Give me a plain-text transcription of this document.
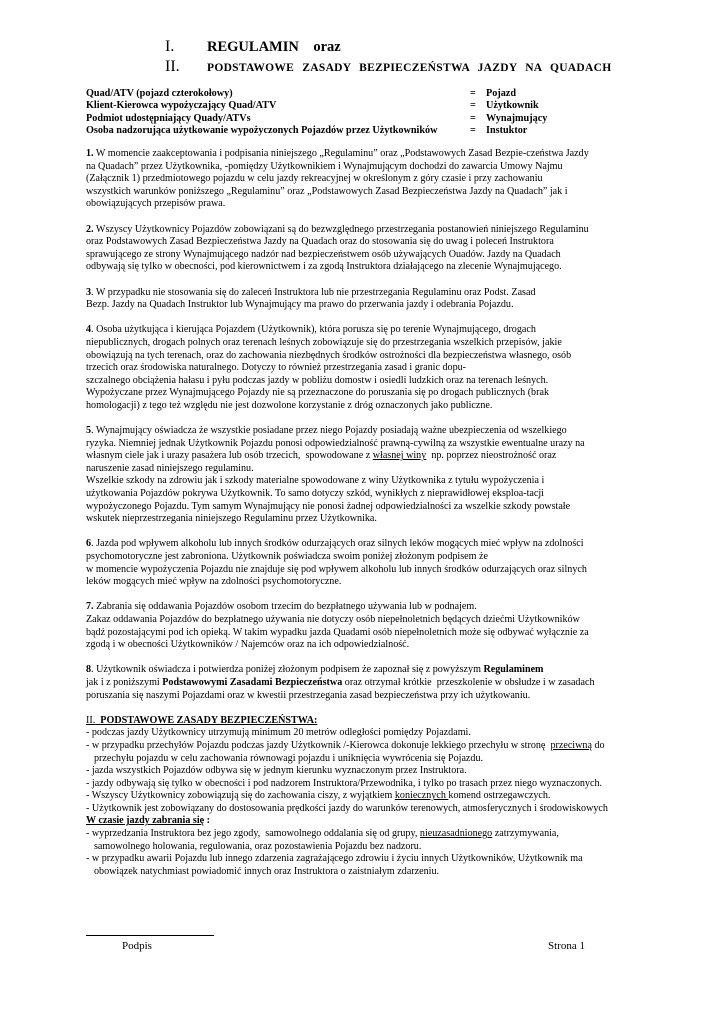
I.	REGULAMIN    oraz
II.	PODSTAWOWE ZASADY BEZPIECZEŃSTWA JAZDY NA QUADACH
Quad/ATV (pojazd czterokołowy)	= Pojazd
Klient-Kierowca wypożyczający Quad/ATV	= Użytkownik
Podmiot udostępniający Quady/ATVs	= Wynajmujący
Osoba nadzorująca użytkowanie wypożyczonych Pojazdów przez Użytkowników	= Instuktor
1. W momencie zaakceptowania i podpisania niniejszego „Regulaminu” oraz „Podstawowych Zasad Bezpie-czeństwa Jazdy
na Quadach” przez Użytkownika, -pomiędzy Użytkownikiem i Wynajmującym dochodzi do zawarcia Umowy Najmu
(Załącznik 1) przedmiotowego pojazdu w celu jazdy rekreacyjnej w określonym z góry czasie i przy zachowaniu
wszystkich warunków poniższego „Regulaminu” oraz „Podstawowych Zasad Bezpieczeństwa Jazdy na Quadach” jak i
obowiązujących przepisów prawa.
2. Wszyscy Użytkownicy Pojazdów zobowiązani są do bezwzględnego przestrzegania postanowień niniejszego Regulaminu
oraz Podstawowych Zasad Bezpieczeństwa Jazdy na Quadach oraz do stosowania się do uwag i poleceń Instruktora
sprawującego ze strony Wynajmującego nadzór nad bezpieczeństwem osób używających Ouadów. Jazdy na Quadach
odbywają się tylko w obecności, pod kierownictwem i za zgodą Instruktora działającego na zlecenie Wynajmującego.
3. W przypadku nie stosowania się do zaleceń Instruktora lub nie przestrzegania Regulaminu oraz Podst. Zasad
Bezp. Jazdy na Quadach Instruktor lub Wynajmujący ma prawo do przerwania jazdy i odebrania Pojazdu.
4. Osoba użytkująca i kierująca Pojazdem (Użytkownik), która porusza się po terenie Wynajmującego, drogach
niepublicznych, drogach polnych oraz terenach leśnych zobowiązuje się do przestrzegania wszelkich przepisów, jakie
obowiązują na tych terenach, oraz do zachowania niezbędnych środków ostrożności dla bezpieczeństwa własnego, osób
trzecich oraz środowiska naturalnego. Dotyczy to również przestrzegania zasad i granic dopu-
szczalnego obciążenia hałasu i pyłu podczas jazdy w pobliżu domostw i osiedli ludzkich oraz na terenach leśnych.
Wypożyczane przez Wynajmującego Pojazdy nie są przeznaczone do poruszania się po drogach publicznych (brak
homologacji) z tego też względu nie jest dozwolone korzystanie z dróg oznaczonych jako publiczne.
5. Wynajmujący oświadcza że wszystkie posiadane przez niego Pojazdy posiadają ważne ubezpieczenia od wszelkiego
ryzyka. Niemniej jednak Użytkownik Pojazdu ponosi odpowiedzialność prawną-cywilną za wszystkie ewentualne urazy na
własnym ciele jak i urazy pasażera lub osób trzecich,  spowodowane z własnej winy  np. poprzez nieostrożność oraz
naruszenie zasad niniejszego regulaminu.
Wszelkie szkody na zdrowiu jak i szkody materialne spowodowane z winy Użytkownika z tytułu wypożyczenia i
użytkowania Pojazdów pokrywa Użytkownik. To samo dotyczy szkód, wynikłych z nieprawidłowej eksploa-tacji
wypożyczonego Pojazdu. Tym samym Wynajmujący nie ponosi żadnej odpowiedzialności za wszelkie szkody powstałe
wskutek nieprzestrzegania niniejszego Regulaminu przez Użytkownika.
6. Jazda pod wpływem alkoholu lub innych środków odurzających oraz silnych leków mogących mieć wpływ na zdolności
psychomotoryczne jest zabroniona. Użytkownik poświadcza swoim poniżej złożonym podpisem że
w momencie wypożyczenia Pojazdu nie znajduje się pod wpływem alkoholu lub innych środków odurzających oraz silnych
leków mogących mieć wpływ na zdolności psychomotoryczne.
7. Zabrania się oddawania Pojazdów osobom trzecim do bezpłatnego używania lub w podnajem.
Zakaz oddawania Pojazdów do bezpłatnego używania nie dotyczy osób niepełnoletnich będących dziećmi Użytkowników
bądź pozostającymi pod ich opieką. W takim wypadku jazda Quadami osób niepełnoletnich może się odbywać wyłącznie za
zgodą i w obecności Użytkowników / Najemców oraz na ich odpowiedzialność.
8. Użytkownik oświadcza i potwierdza poniżej złożonym podpisem że zapoznał się z powyższym Regulaminem
jak i z poniższymi Podstawowymi Zasadami Bezpieczeństwa oraz otrzymał krótkie  przeszkolenie w obsłudze i w zasadach
poruszania się naszymi Pojazdami oraz w kwestii przestrzegania zasad bezpieczeństwa przy ich użytkowaniu.
II. PODSTAWOWE ZASADY BEZPIECZEŃSTWA:
- podczas jazdy Użytkownicy utrzymują minimum 20 metrów odległości pomiędzy Pojazdami.
- w przypadku przechyłów Pojazdu podczas jazdy Użytkownik /-Kierowca dokonuje lekkiego przechyłu w stronę  przeciwną do
przechyłu pojazdu w celu zachowania równowagi pojazdu i uniknięcia wywrócenia się Pojazdu.
- jazda wszystkich Pojazdów odbywa się w jednym kierunku wyznaczonym przez Instruktora.
- jazdy odbywają się tylko w obecności i pod nadzorem Instruktora/Przewodnika, i tylko po trasach przez niego wyznaczonych.
- Wszyscy Użytkownicy zobowiązują się do zachowania ciszy, z wyjątkiem koniecznych komend ostrzegawczych.
- Użytkownik jest zobowiązany do dostosowania prędkości jazdy do warunków terenowych, atmosferycznych i środowiskowych
W czasie jazdy zabrania się :
- wyprzedzania Instruktora bez jego zgody,  samowolnego oddalania się od grupy, nieuzasadnionego zatrzymywania,
samowolnego holowania, regulowania, oraz pozostawienia Pojazdu bez nadzoru.
- w przypadku awarii Pojazdu lub innego zdarzenia zagrażającego zdrowiu i życiu innych Użytkowników, Użytkownik ma
obowiązek natychmiast powiadomić innych oraz Instruktora o zaistniałym zdarzeniu.
Podpis	Strona 1
